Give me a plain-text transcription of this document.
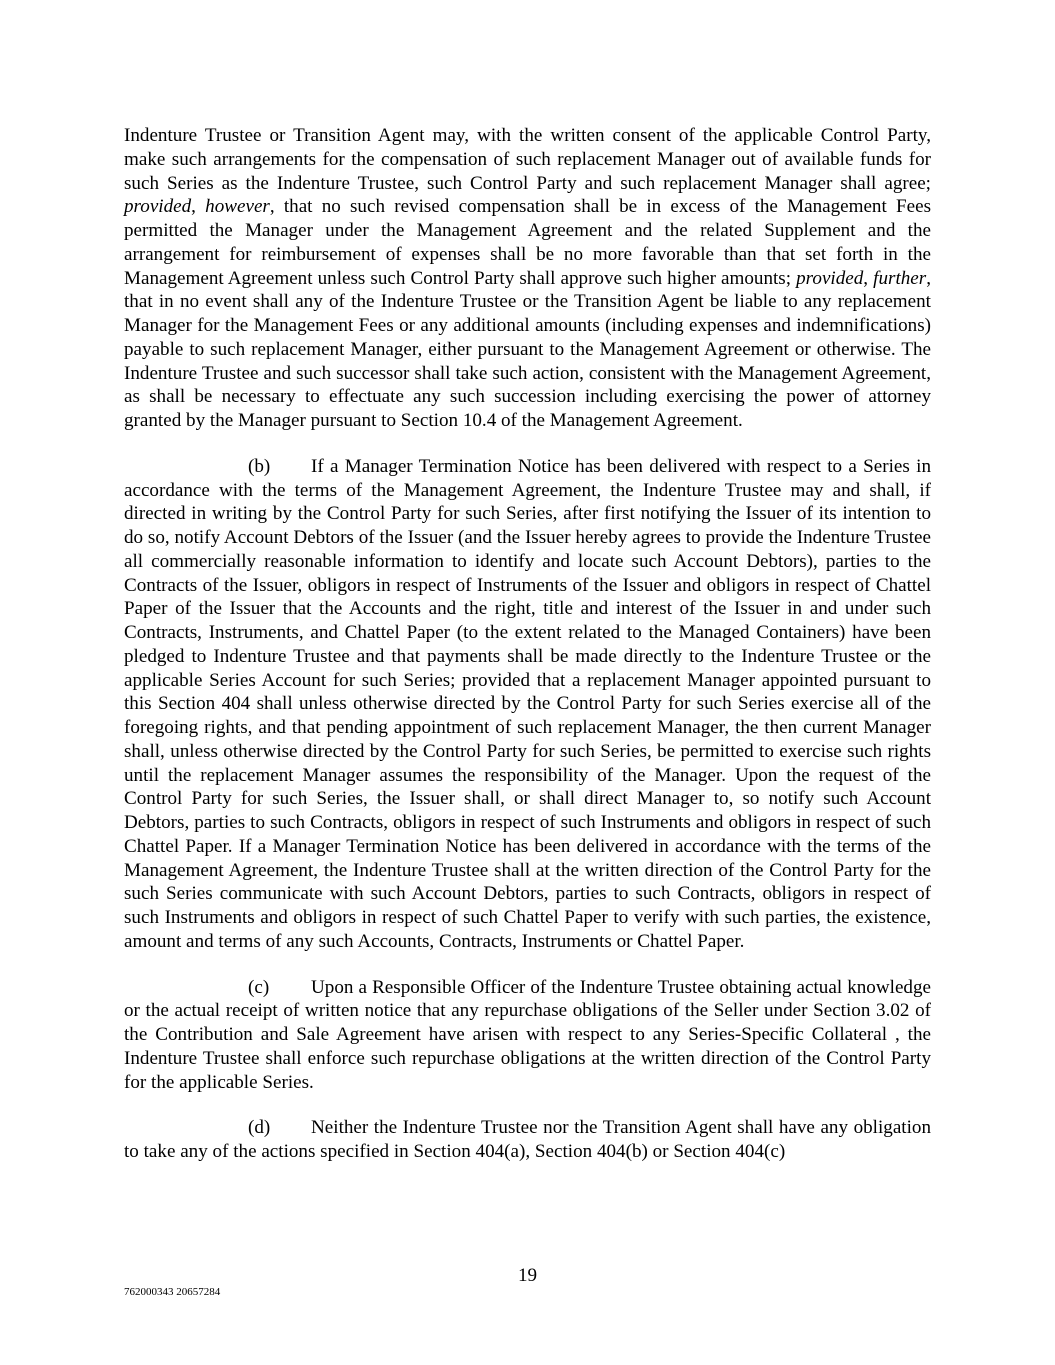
Indenture Trustee or Transition Agent may, with the written consent of the applicable Control Party, make such arrangements for the compensation of such replacement Manager out of available funds for such Series as the Indenture Trustee, such Control Party and such replacement Manager shall agree; provided, however, that no such revised compensation shall be in excess of the Management Fees permitted the Manager under the Management Agreement and the related Supplement and the arrangement for reimbursement of expenses shall be no more favorable than that set forth in the Management Agreement unless such Control Party shall approve such higher amounts; provided, further, that in no event shall any of the Indenture Trustee or the Transition Agent be liable to any replacement Manager for the Management Fees or any additional amounts (including expenses and indemnifications) payable to such replacement Manager, either pursuant to the Management Agreement or otherwise. The Indenture Trustee and such successor shall take such action, consistent with the Management Agreement, as shall be necessary to effectuate any such succession including exercising the power of attorney granted by the Manager pursuant to Section 10.4 of the Management Agreement.

(b) If a Manager Termination Notice has been delivered with respect to a Series in accordance with the terms of the Management Agreement, the Indenture Trustee may and shall, if directed in writing by the Control Party for such Series, after first notifying the Issuer of its intention to do so, notify Account Debtors of the Issuer (and the Issuer hereby agrees to provide the Indenture Trustee all commercially reasonable information to identify and locate such Account Debtors), parties to the Contracts of the Issuer, obligors in respect of Instruments of the Issuer and obligors in respect of Chattel Paper of the Issuer that the Accounts and the right, title and interest of the Issuer in and under such Contracts, Instruments, and Chattel Paper (to the extent related to the Managed Containers) have been pledged to Indenture Trustee and that payments shall be made directly to the Indenture Trustee or the applicable Series Account for such Series; provided that a replacement Manager appointed pursuant to this Section 404 shall unless otherwise directed by the Control Party for such Series exercise all of the foregoing rights, and that pending appointment of such replacement Manager, the then current Manager shall, unless otherwise directed by the Control Party for such Series, be permitted to exercise such rights until the replacement Manager assumes the responsibility of the Manager. Upon the request of the Control Party for such Series, the Issuer shall, or shall direct Manager to, so notify such Account Debtors, parties to such Contracts, obligors in respect of such Instruments and obligors in respect of such Chattel Paper. If a Manager Termination Notice has been delivered in accordance with the terms of the Management Agreement, the Indenture Trustee shall at the written direction of the Control Party for the such Series communicate with such Account Debtors, parties to such Contracts, obligors in respect of such Instruments and obligors in respect of such Chattel Paper to verify with such parties, the existence, amount and terms of any such Accounts, Contracts, Instruments or Chattel Paper.

(c) Upon a Responsible Officer of the Indenture Trustee obtaining actual knowledge or the actual receipt of written notice that any repurchase obligations of the Seller under Section 3.02 of the Contribution and Sale Agreement have arisen with respect to any Series-Specific Collateral , the Indenture Trustee shall enforce such repurchase obligations at the written direction of the Control Party for the applicable Series.

(d) Neither the Indenture Trustee nor the Transition Agent shall have any obligation to take any of the actions specified in Section 404(a), Section 404(b) or Section 404(c)

19
762000343 20657284
